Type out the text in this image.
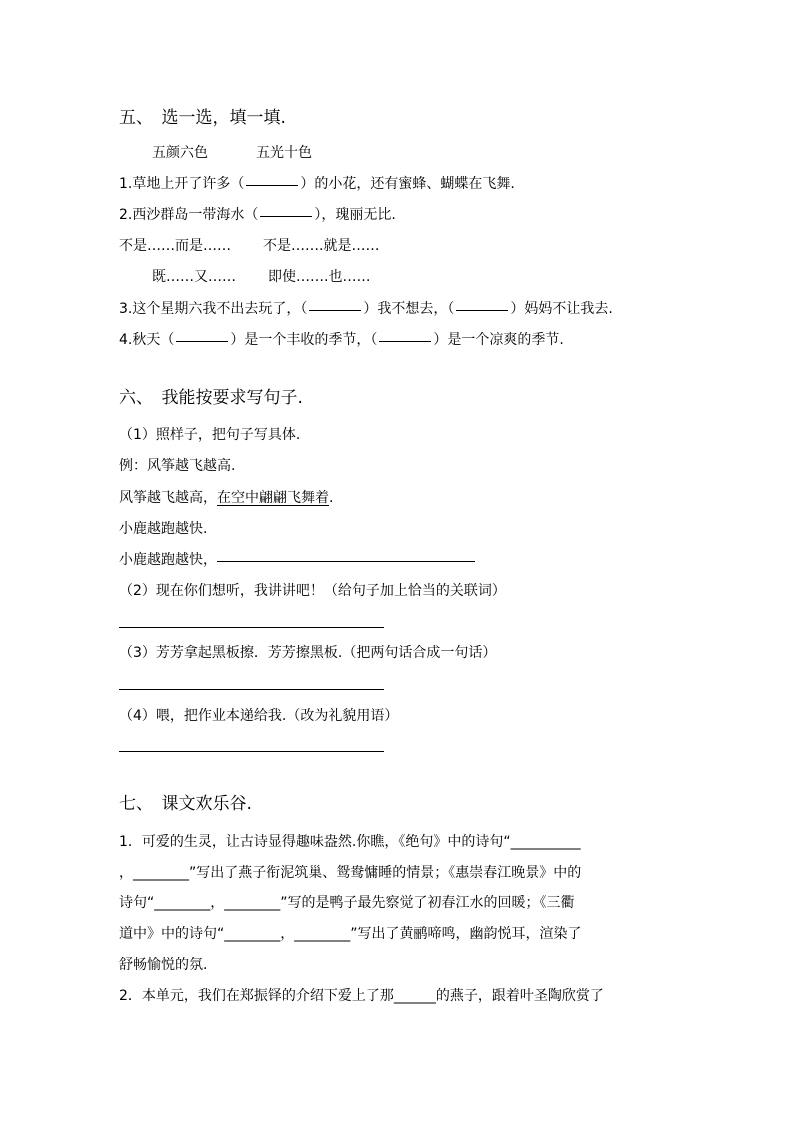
五、　选一选，填一填.
五颜六色	五光十色
1.草地上开了许多（	）的小花，还有蜜蜂、蝴蝶在飞舞.
2.西沙群岛一带海水（	），瑰丽无比.
不是……而是…… 不是…….就是……
既……又…… 即使…….也……
3.这个星期六我不出去玩了，（	）我不想去，（	）妈妈不让我去.
4.秋天（	）是一个丰收的季节，（	）是一个凉爽的季节.
六、　我能按要求写句子.
（1）照样子，把句子写具体.
例：风筝越飞越高.
风筝越飞越高，在空中翩翩飞舞着.
小鹿越跑越快.
小鹿越跑越快，
（2）现在你们想听，我讲讲吧！（给句子加上恰当的关联词）
（3）芳芳拿起黑板擦．芳芳擦黑板.（把两句话合成一句话）
（4）喂，把作业本递给我.（改为礼貌用语）
七、　课文欢乐谷.
1．可爱的生灵，让古诗显得趣味盎然.你瞧，《绝句》中的诗句“__________
，________”写出了燕子衔泥筑巢、鸳鸯慵睡的情景；《惠崇春江晚景》中的
诗句“________，________”写的是鸭子最先察觉了初春江水的回暖；《三衢
道中》中的诗句“________，________”写出了黄鹂啼鸣，幽韵悦耳，渲染了
舒畅愉悦的氛.
2．本单元，我们在郑振铎的介绍下爱上了那______的燕子，跟着叶圣陶欣赏了
